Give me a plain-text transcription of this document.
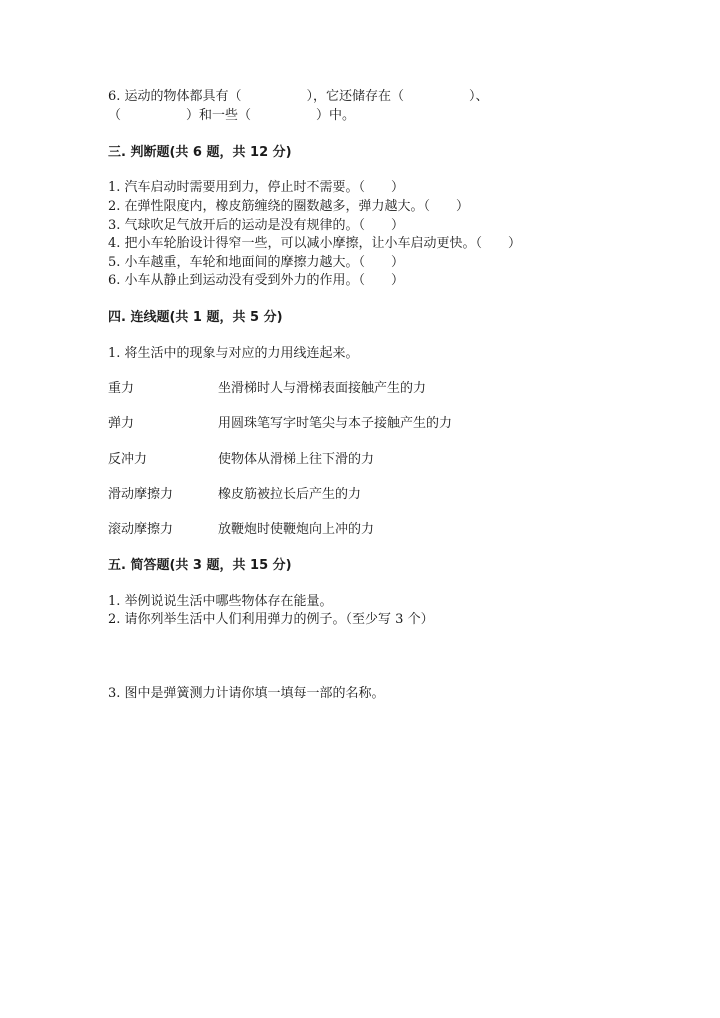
6. 运动的物体都具有（　　　　　），它还储存在（　　　　　）、

（　　　　　）和一些（　　　　　）中。

三. 判断题(共 6 题，共 12 分)

1. 汽车启动时需要用到力，停止时不需要。（　　）

2. 在弹性限度内，橡皮筋缠绕的圈数越多，弹力越大。（　　）

3. 气球吹足气放开后的运动是没有规律的。（　　）

4. 把小车轮胎设计得窄一些，可以减小摩擦，让小车启动更快。（　　）

5. 小车越重，车轮和地面间的摩擦力越大。（　　）

6. 小车从静止到运动没有受到外力的作用。（　　）

四. 连线题(共 1 题，共 5 分)

1. 将生活中的现象与对应的力用线连起来。

重力	坐滑梯时人与滑梯表面接触产生的力

弹力	用圆珠笔写字时笔尖与本子接触产生的力

反冲力	使物体从滑梯上往下滑的力

滑动摩擦力	橡皮筋被拉长后产生的力

滚动摩擦力	放鞭炮时使鞭炮向上冲的力

五. 简答题(共 3 题，共 15 分)

1. 举例说说生活中哪些物体存在能量。

2. 请你列举生活中人们利用弹力的例子。（至少写 3 个）

3. 图中是弹簧测力计请你填一填每一部的名称。
